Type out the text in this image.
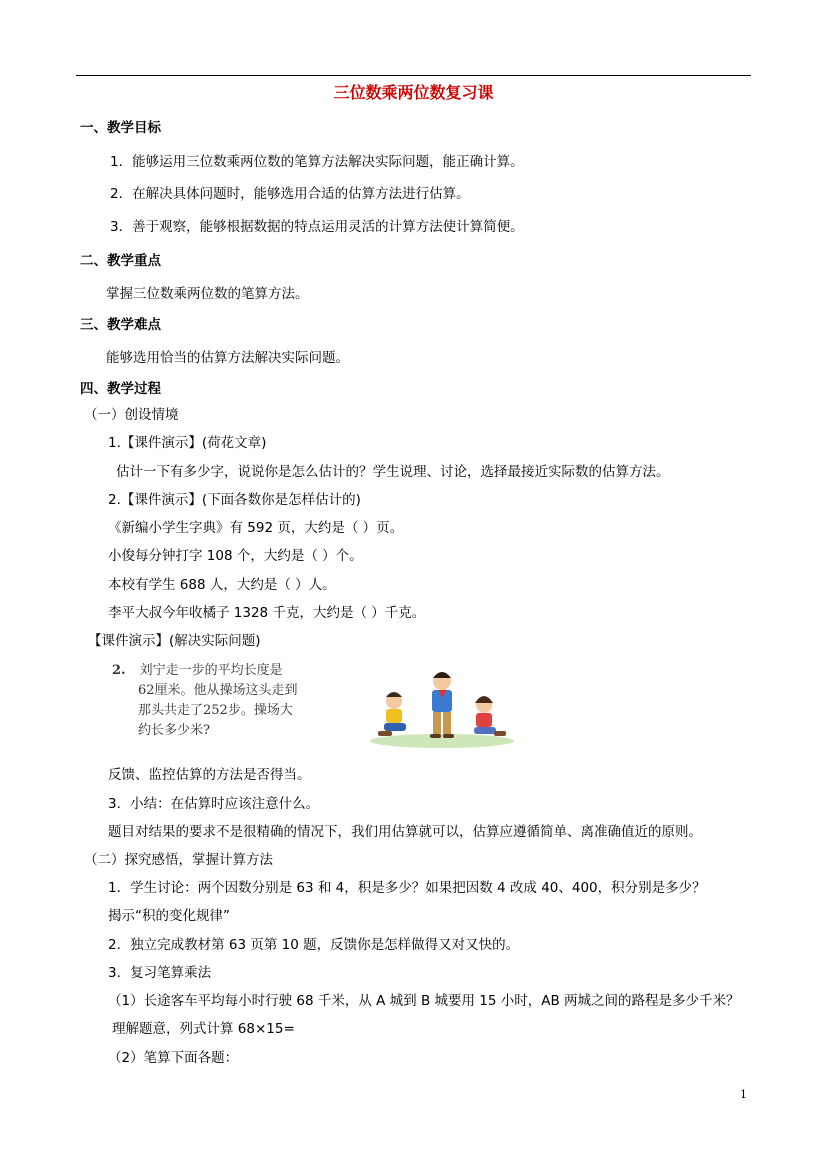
三位数乘两位数复习课
一、教学目标
1．能够运用三位数乘两位数的笔算方法解决实际问题，能正确计算。
2．在解决具体问题时，能够选用合适的估算方法进行估算。
3．善于观察，能够根据数据的特点运用灵活的计算方法使计算简便。
二、教学重点
掌握三位数乘两位数的笔算方法。
三、教学难点
能够选用恰当的估算方法解决实际问题。
四、教学过程
（一）创设情境
1.【课件演示】(荷花文章)
估计一下有多少字，说说你是怎么估计的？学生说理、讨论，选择最接近实际数的估算方法。
2.【课件演示】(下面各数你是怎样估计的)
《新编小学生字典》有 592 页，大约是（ ）页。
小俊每分钟打字 108 个，大约是（ ）个。
本校有学生 688 人，大约是（ ）人。
李平大叔今年收橘子 1328 千克，大约是（ ）千克。
【课件演示】(解决实际问题)
2. 刘宁走一步的平均长度是
62厘米。他从操场这头走到
那头共走了252步。操场大
约长多少米?
反馈、监控估算的方法是否得当。
3．小结：在估算时应该注意什么。
题目对结果的要求不是很精确的情况下，我们用估算就可以，估算应遵循简单、离准确值近的原则。
（二）探究感悟，掌握计算方法
1．学生讨论：两个因数分别是 63 和 4，积是多少？如果把因数 4 改成 40、400，积分别是多少？
揭示“积的变化规律”
2．独立完成教材第 63 页第 10 题，反馈你是怎样做得又对又快的。
3．复习笔算乘法
（1）长途客车平均每小时行驶 68 千米，从 A 城到 B 城要用 15 小时，AB 两城之间的路程是多少千米？
理解题意，列式计算 68×15=
（2）笔算下面各题：
1
